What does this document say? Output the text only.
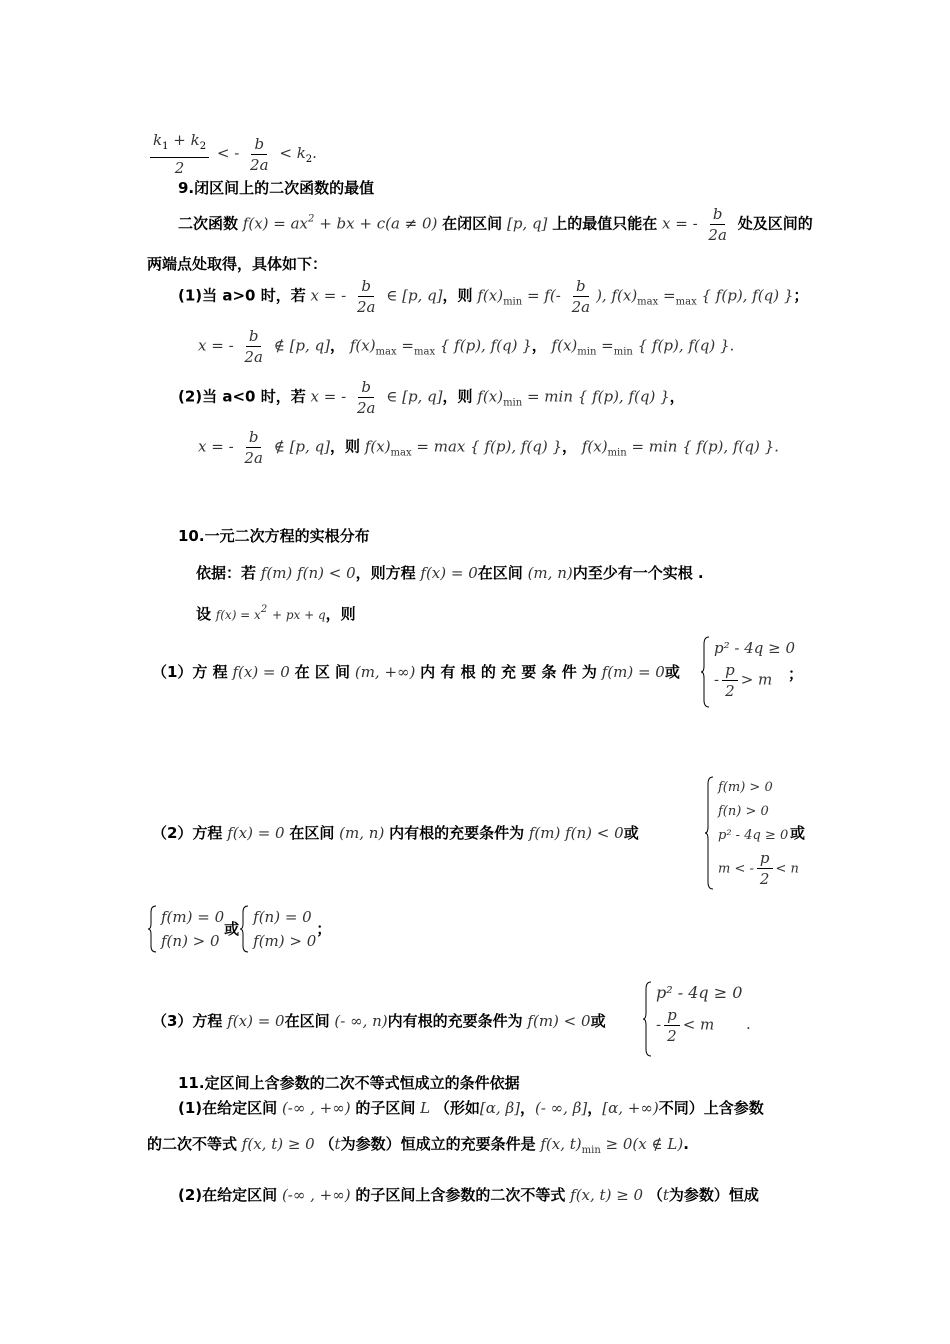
$\frac{k_1 + k_2}{2}$ < - $\frac{b}{2a} < k_2$.
9.闭区间上的二次函数的最值
二次函数 $f(x) = ax^2$ + bx + c(a ≠ 0) 在闭区间 [p, q] 上的最值只能在 x = - $\frac{b}{2a}$ 处及区间的
两端点处取得，具体如下：
(1)当 a>0 时，若 x = - $\frac{b}{2a}$ ∈ [p, q]，则 $f(x)_{min} = f(- \frac{b}{2a}$ ), $f(x)_{max} =_{max}$ { f(p), f(q) }；
x = - $\frac{b}{2a}$ ∉ [p, q]， $f(x)_{max} =_{max}$ { f(p), f(q) }， $f(x)_{min} =_{min}$ { f(p), f(q) }.
(2)当 a<0 时，若 x = - $\frac{b}{2a}$ ∈ [p, q]，则 $f(x)_{min} = \min$ { f(p), f(q) }，
x = - $\frac{b}{2a}$ ∉ [p, q]，则 $f(x)_{max} = \max$ { f(p), f(q) }， $f(x)_{min} = \min$ { f(p), f(q) }.
10.一元二次方程的实根分布
依据：若 f(m) f(n) < 0，则方程 f(x) = 0在区间 (m, n)内至少有一个实根 .
设 $f(x) = x^2$ + px + q，则
（1）方 程 f(x) = 0 在 区 间 (m, +∞) 内 有 根 的 充 要 条 件 为 f(m) = 0或
p² - 4q ≥ 0
- $\frac{p}{2} > m$	；
（2）方程 f(x) = 0 在区间 (m, n) 内有根的充要条件为 f(m) f(n) < 0或
f(m) > 0
f(n) > 0
p² - 4q ≥ 0
m < - $\frac{p}{2} < n$
或
f(m) = 0
f(n) > 0
或
f(n) = 0
f(m) > 0
；
（3）方程 f(x) = 0在区间 (- ∞, n)内有根的充要条件为 f(m) < 0或
p² - 4q ≥ 0
- $\frac{p}{2} < m$	.
11.定区间上含参数的二次不等式恒成立的条件依据
(1)在给定区间 (-∞ , +∞) 的子区间 L （形如[α, β]，(- ∞, β]，[α, +∞)不同）上含参数
的二次不等式 f(x, t) ≥ 0 （t为参数）恒成立的充要条件是 f(x, $t)_{min} \ge 0(x$ ∉ L).
(2)在给定区间 (-∞ , +∞) 的子区间上含参数的二次不等式 f(x, t) ≥ 0 （t为参数）恒成
